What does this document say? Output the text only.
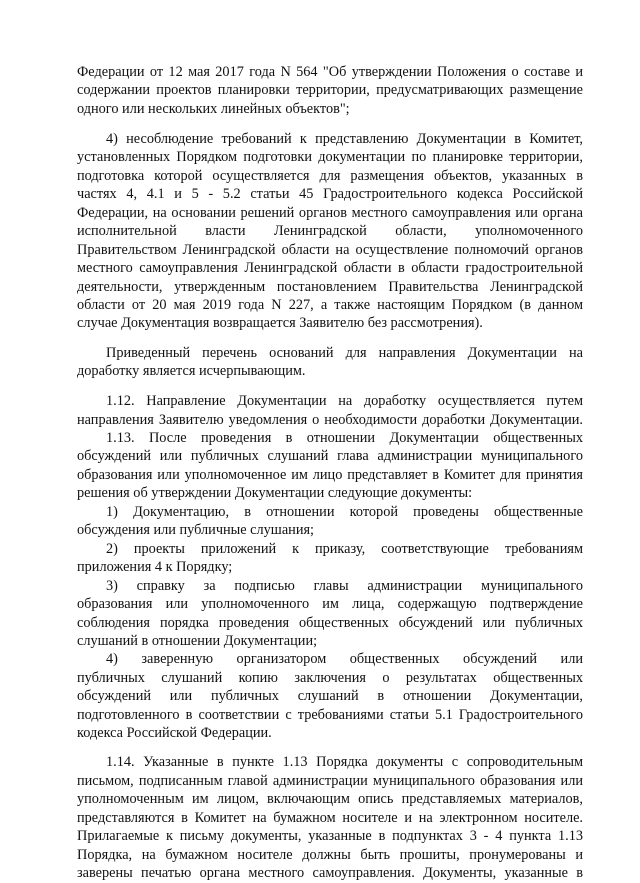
Федерации от 12 мая 2017 года N 564 "Об утверждении Положения о составе и
содержании проектов планировки территории, предусматривающих размещение
одного или нескольких линейных объектов";
4) несоблюдение требований к представлению Документации в Комитет,
установленных Порядком подготовки документации по планировке территории,
подготовка которой осуществляется для размещения объектов, указанных в
частях 4, 4.1 и 5 - 5.2 статьи 45 Градостроительного кодекса Российской
Федерации, на основании решений органов местного самоуправления или органа
исполнительной власти Ленинградской области, уполномоченного
Правительством Ленинградской области на осуществление полномочий органов
местного самоуправления Ленинградской области в области градостроительной
деятельности, утвержденным постановлением Правительства Ленинградской
области от 20 мая 2019 года N 227, а также настоящим Порядком (в данном
случае Документация возвращается Заявителю без рассмотрения).
Приведенный перечень оснований для направления Документации на
доработку является исчерпывающим.
1.12. Направление Документации на доработку осуществляется путем
направления Заявителю уведомления о необходимости доработки Документации.
1.13. После проведения в отношении Документации общественных
обсуждений или публичных слушаний глава администрации муниципального
образования или уполномоченное им лицо представляет в Комитет для принятия
решения об утверждении Документации следующие документы:
1) Документацию, в отношении которой проведены общественные
обсуждения или публичные слушания;
2) проекты приложений к приказу, соответствующие требованиям
приложения 4 к Порядку;
3) справку за подписью главы администрации муниципального
образования или уполномоченного им лица, содержащую подтверждение
соблюдения порядка проведения общественных обсуждений или публичных
слушаний в отношении Документации;
4) заверенную организатором общественных обсуждений или
публичных слушаний копию заключения о результатах общественных
обсуждений или публичных слушаний в отношении Документации,
подготовленного в соответствии с требованиями статьи 5.1 Градостроительного
кодекса Российской Федерации.
1.14. Указанные в пункте 1.13 Порядка документы с сопроводительным
письмом, подписанным главой администрации муниципального образования или
уполномоченным им лицом, включающим опись представляемых материалов,
представляются в Комитет на бумажном носителе и на электронном носителе.
Прилагаемые к письму документы, указанные в подпунктах 3 - 4 пункта 1.13
Порядка, на бумажном носителе должны быть прошиты, пронумерованы и
заверены печатью органа местного самоуправления. Документы, указанные в
